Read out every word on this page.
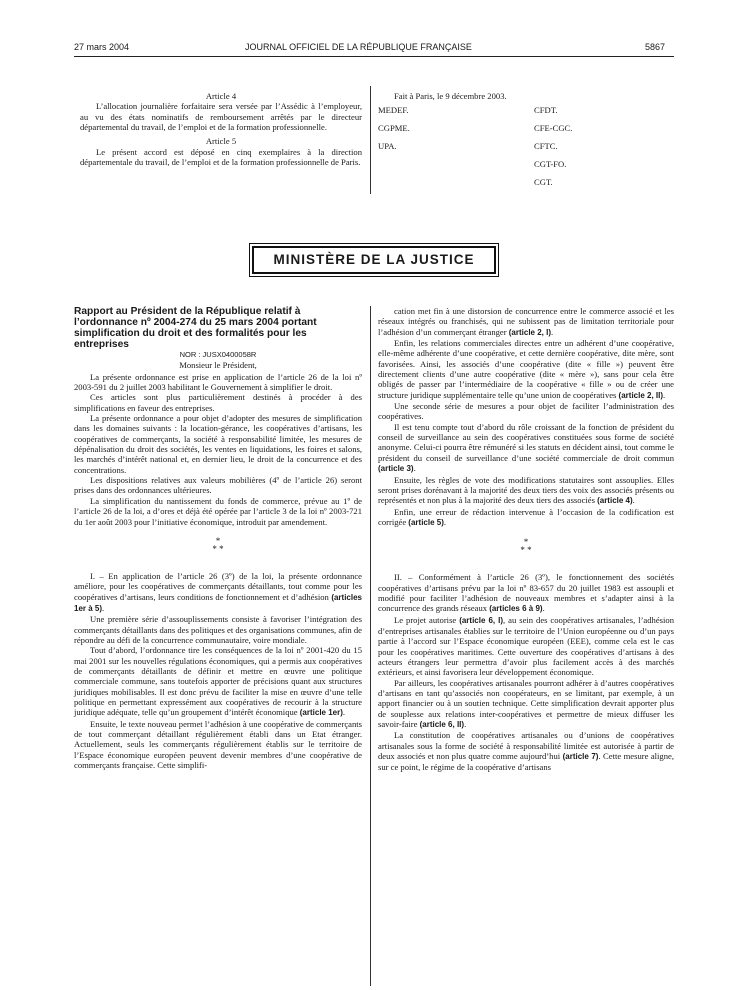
27 mars 2004	JOURNAL OFFICIEL DE LA RÉPUBLIQUE FRANÇAISE	5867

Article 4

L’allocation journalière forfaitaire sera versée par l’Assédic à l’employeur, au vu des états nominatifs de remboursement arrêtés par le directeur départemental du travail, de l’emploi et de la formation professionnelle.

Article 5

Le présent accord est déposé en cinq exemplaires à la direction départementale du travail, de l’emploi et de la formation professionnelle de Paris.

Fait à Paris, le 9 décembre 2003.

MEDEF.	CFDT.
CGPME.	CFE-CGC.
UPA.	CFTC.
	CGT-FO.
	CGT.
MINISTÈRE DE LA JUSTICE

Rapport au Président de la République relatif à l’ordonnance nº 2004-274 du 25 mars 2004 portant simplification du droit et des formalités pour les entreprises

NOR : JUSX0400058R

Monsieur le Président,

La présente ordonnance est prise en application de l’article 26 de la loi nº 2003-591 du 2 juillet 2003 habilitant le Gouvernement à simplifier le droit.

Ces articles sont plus particulièrement destinés à procéder à des simplifications en faveur des entreprises.

La présente ordonnance a pour objet d’adopter des mesures de simplification dans les domaines suivants : la location-gérance, les coopératives d’artisans, les coopératives de commerçants, la société à responsabilité limitée, les mesures de dépénalisation du droit des sociétés, les ventes en liquidations, les foires et salons, les marchés d’intérêt national et, en dernier lieu, le droit de la concurrence et des concentrations.

Les dispositions relatives aux valeurs mobilières (4º de l’article 26) seront prises dans des ordonnances ultérieures.

La simplification du nantissement du fonds de commerce, prévue au 1º de l’article 26 de la loi, a d’ores et déjà été opérée par l’article 3 de la loi nº 2003-721 du 1er août 2003 pour l’initiative économique, introduit par amendement.

*
* *

I. – En application de l’article 26 (3º) de la loi, la présente ordonnance améliore, pour les coopératives de commerçants détaillants, tout comme pour les coopératives d’artisans, leurs conditions de fonctionnement et d’adhésion (articles 1er à 5).

Une première série d’assouplissements consiste à favoriser l’intégration des commerçants détaillants dans des politiques et des organisations communes, afin de répondre au défi de la concurrence communautaire, voire mondiale.

Tout d’abord, l’ordonnance tire les conséquences de la loi nº 2001-420 du 15 mai 2001 sur les nouvelles régulations économiques, qui a permis aux coopératives de commerçants détaillants de définir et mettre en œuvre une politique commerciale commune, sans toutefois apporter de précisions quant aux structures juridiques mobilisables. Il est donc prévu de faciliter la mise en œuvre d’une telle politique en permettant expressément aux coopératives de recourir à la structure juridique adéquate, telle qu’un groupement d’intérêt économique (article 1er).

Ensuite, le texte nouveau permet l’adhésion à une coopérative de commerçants de tout commerçant détaillant régulièrement établi dans un Etat étranger. Actuellement, seuls les commerçants régulièrement établis sur le territoire de l’Espace économique européen peuvent devenir membres d’une coopérative de commerçants française. Cette simplifi-

cation met fin à une distorsion de concurrence entre le commerce associé et les réseaux intégrés ou franchisés, qui ne subissent pas de limitation territoriale pour l’adhésion d’un commerçant étranger (article 2, I).

Enfin, les relations commerciales directes entre un adhérent d’une coopérative, elle-même adhérente d’une coopérative, et cette dernière coopérative, dite mère, sont favorisées. Ainsi, les associés d’une coopérative (dite « fille ») peuvent être directement clients d’une autre coopérative (dite « mère »), sans pour cela être obligés de passer par l’intermédiaire de la coopérative « fille » ou de créer une structure juridique supplémentaire telle qu’une union de coopératives (article 2, II).

Une seconde série de mesures a pour objet de faciliter l’administration des coopératives.

Il est tenu compte tout d’abord du rôle croissant de la fonction de président du conseil de surveillance au sein des coopératives constituées sous forme de société anonyme. Celui-ci pourra être rémunéré si les statuts en décident ainsi, tout comme le président du conseil de surveillance d’une société commerciale de droit commun (article 3).

Ensuite, les règles de vote des modifications statutaires sont assouplies. Elles seront prises dorénavant à la majorité des deux tiers des voix des associés présents ou représentés et non plus à la majorité des deux tiers des associés (article 4).

Enfin, une erreur de rédaction intervenue à l’occasion de la codification est corrigée (article 5).

*
* *

II. – Conformément à l’article 26 (3º), le fonctionnement des sociétés coopératives d’artisans prévu par la loi nº 83-657 du 20 juillet 1983 est assoupli et modifié pour faciliter l’adhésion de nouveaux membres et s’adapter ainsi à la concurrence des grands réseaux (articles 6 à 9).

Le projet autorise (article 6, I), au sein des coopératives artisanales, l’adhésion d’entreprises artisanales établies sur le territoire de l’Union européenne ou d’un pays partie à l’accord sur l’Espace économique européen (EEE), comme cela est le cas pour les coopératives maritimes. Cette ouverture des coopératives d’artisans à des acteurs étrangers leur permettra d’avoir plus facilement accès à des marchés extérieurs, et ainsi favorisera leur développement économique.

Par ailleurs, les coopératives artisanales pourront adhérer à d’autres coopératives d’artisans en tant qu’associés non coopérateurs, en se limitant, par exemple, à un apport financier ou à un soutien technique. Cette simplification devrait apporter plus de souplesse aux relations inter-coopératives et permettre de mieux diffuser les savoir-faire (article 6, II).

La constitution de coopératives artisanales ou d’unions de coopératives artisanales sous la forme de société à responsabilité limitée est autorisée à partir de deux associés et non plus quatre comme aujourd’hui (article 7). Cette mesure aligne, sur ce point, le régime de la coopérative d’artisans
